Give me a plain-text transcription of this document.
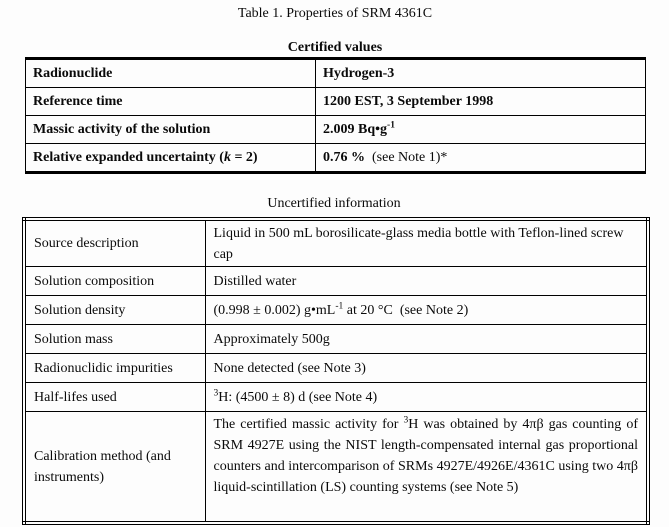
Table 1. Properties of SRM 4361C
Certified values
Radionuclide	Hydrogen-3
Reference time	1200 EST, 3 September 1998
Massic activity of the solution	2.009 $Bq•g^{-1}$
Relative expanded uncertainty (k = 2)	0.76 % (see Note 1)*
Uncertified information
Source description	Liquid in 500 mL borosilicate-glass media bottle with Teflon-lined screw cap
Solution composition	Distilled water
Solution density	(0.998 ± 0.002) $g•mL^{-1}$ at 20 °C  (see Note 2)
Solution mass	Approximately 500g
Radionuclidic impurities	None detected (see Note 3)
Half-lifes used	$^3$H: (4500 ± 8) d (see Note 4)
Calibration method (and instruments)	The certified massic activity for $^3$H was obtained by 4πβ gas counting of SRM 4927E using the NIST length-compensated internal gas proportional counters and intercomparison of SRMs 4927E/4926E/4361C using two 4πβ liquid-scintillation (LS) counting systems (see Note 5)
